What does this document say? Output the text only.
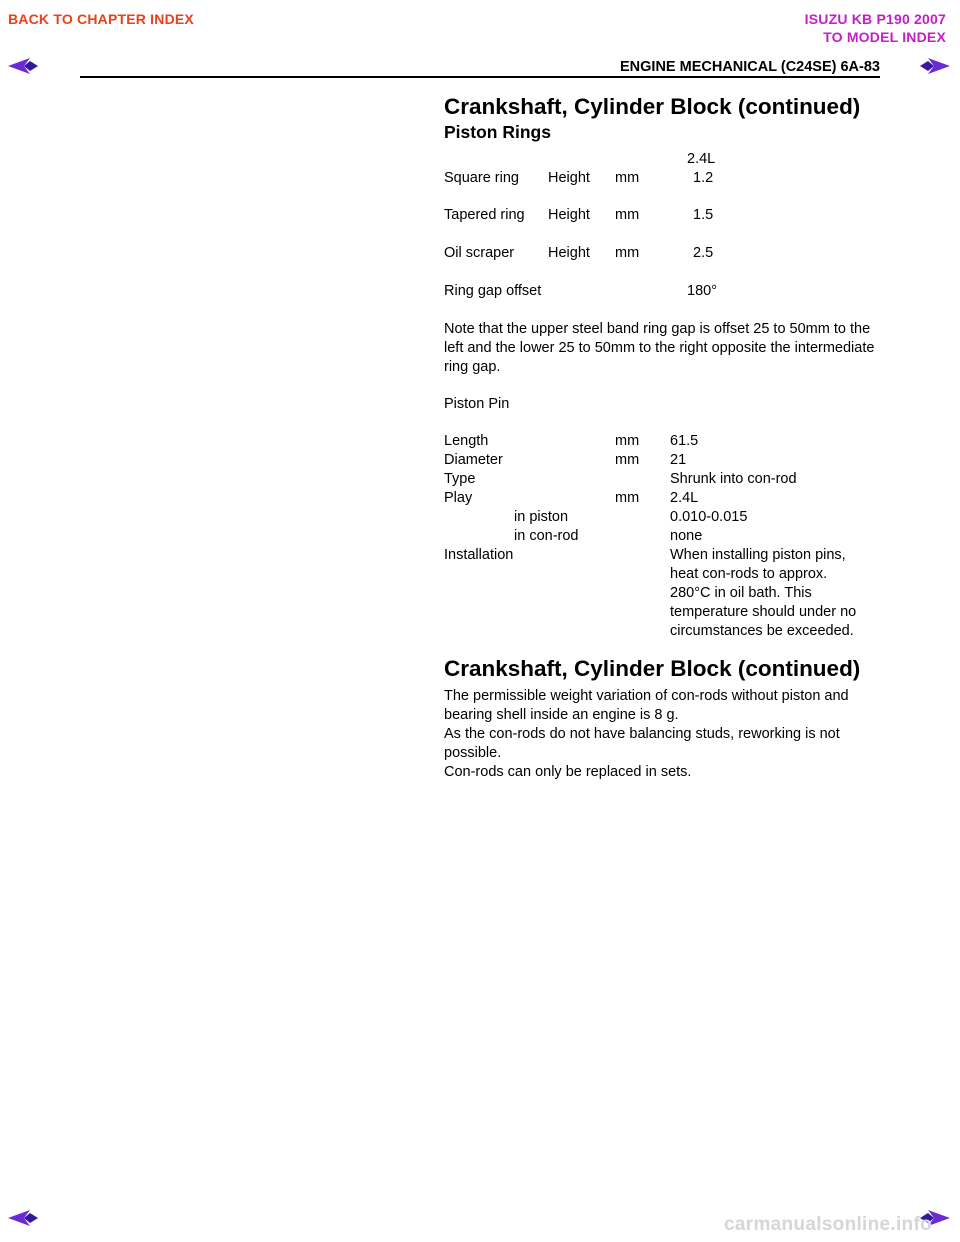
BACK TO CHAPTER INDEX	ISUZU KB P190 2007
TO MODEL INDEX
ENGINE MECHANICAL (C24SE) 6A-83
Crankshaft, Cylinder Block (continued)
Piston Rings
2.4L
Square ring Height mm	1.2
Tapered ring Height mm	1.5
Oil scraper Height mm	2.5
Ring gap offset	180°
Note that the upper steel band ring gap is offset 25 to 50mm to the left and the lower 25 to 50mm to the right opposite the intermediate ring gap.
Piston Pin
Length	mm 61.5
Diameter	mm 21
Type	Shrunk into con-rod
Play	mm 2.4L
in piston	0.010-0.015
in con-rod	none
Installation	When installing piston pins,
heat con-rods to approx.
280°C in oil bath. This
temperature should under no
circumstances be exceeded.
Crankshaft, Cylinder Block (continued)
The permissible weight variation of con-rods without piston and bearing shell inside an engine is 8 g.
As the con-rods do not have balancing studs, reworking is not possible.
Con-rods can only be replaced in sets.
carmanualsonline.info
